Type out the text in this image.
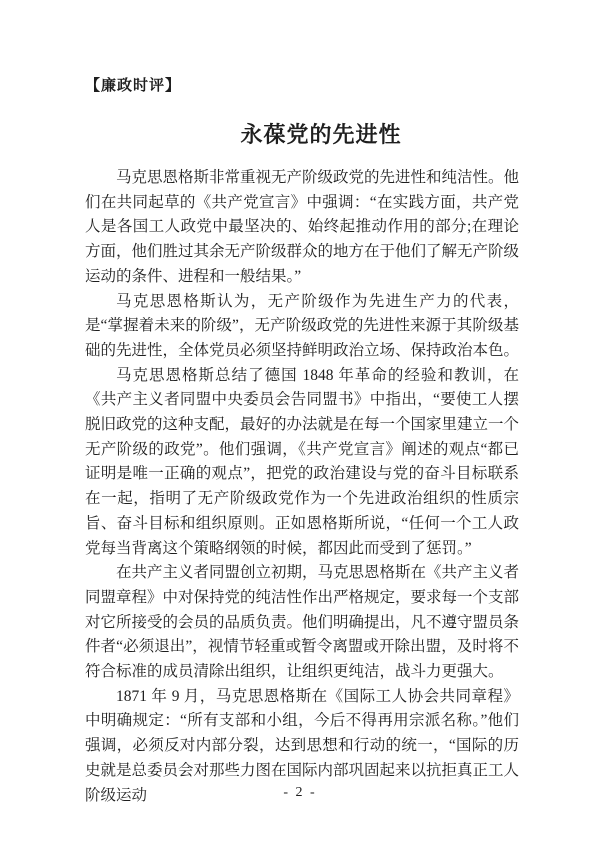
【廉政时评】
永葆党的先进性

马克思恩格斯非常重视无产阶级政党的先进性和纯洁性。他们在共同起草的《共产党宣言》中强调：“在实践方面，共产党人是各国工人政党中最坚决的、始终起推动作用的部分;在理论方面，他们胜过其余无产阶级群众的地方在于他们了解无产阶级运动的条件、进程和一般结果。”

马克思恩格斯认为，无产阶级作为先进生产力的代表，是“掌握着未来的阶级”，无产阶级政党的先进性来源于其阶级基础的先进性，全体党员必须坚持鲜明政治立场、保持政治本色。

马克思恩格斯总结了德国 1848 年革命的经验和教训，在《共产主义者同盟中央委员会告同盟书》中指出，“要使工人摆脱旧政党的这种支配，最好的办法就是在每一个国家里建立一个无产阶级的政党”。他们强调，《共产党宣言》阐述的观点“都已证明是唯一正确的观点”，把党的政治建设与党的奋斗目标联系在一起，指明了无产阶级政党作为一个先进政治组织的性质宗旨、奋斗目标和组织原则。正如恩格斯所说，“任何一个工人政党每当背离这个策略纲领的时候，都因此而受到了惩罚。”

在共产主义者同盟创立初期，马克思恩格斯在《共产主义者同盟章程》中对保持党的纯洁性作出严格规定，要求每一个支部对它所接受的会员的品质负责。他们明确提出，凡不遵守盟员条件者“必须退出”，视情节轻重或暂令离盟或开除出盟，及时将不符合标准的成员清除出组织，让组织更纯洁，战斗力更强大。

1871 年 9 月，马克思恩格斯在《国际工人协会共同章程》中明确规定：“所有支部和小组，今后不得再用宗派名称。”他们强调，必须反对内部分裂，达到思想和行动的统一，“国际的历史就是总委员会对那些力图在国际内部巩固起来以抗拒真正工人阶级运动	- 2 -
